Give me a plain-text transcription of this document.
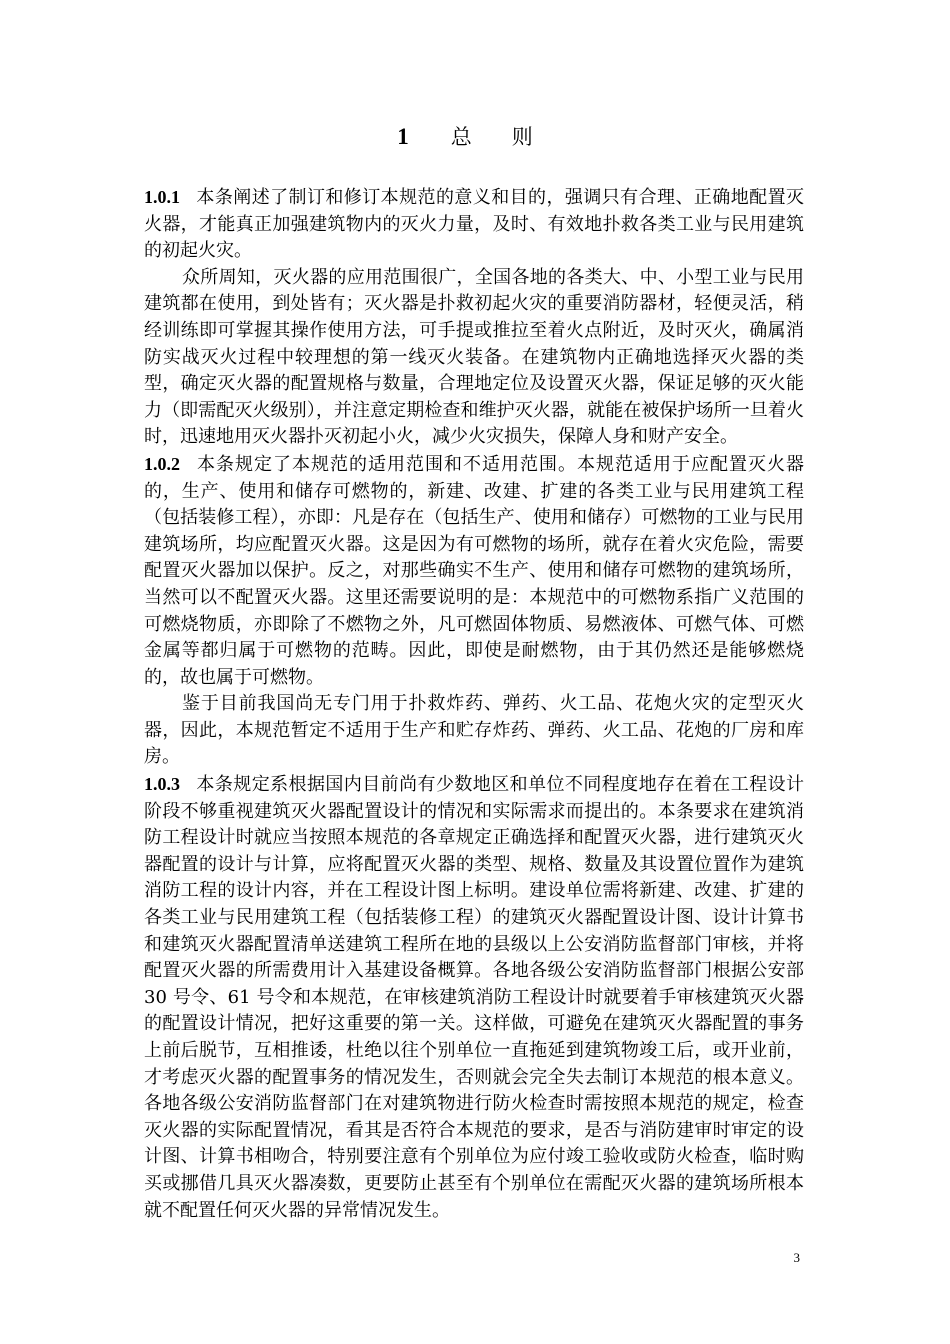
1 总 则

1.0.1 本条阐述了制订和修订本规范的意义和目的，强调只有合理、正确地配置灭火器，才能真正加强建筑物内的灭火力量，及时、有效地扑救各类工业与民用建筑的初起火灾。

众所周知，灭火器的应用范围很广，全国各地的各类大、中、小型工业与民用建筑都在使用，到处皆有；灭火器是扑救初起火灾的重要消防器材，轻便灵活，稍经训练即可掌握其操作使用方法，可手提或推拉至着火点附近，及时灭火，确属消防实战灭火过程中较理想的第一线灭火装备。在建筑物内正确地选择灭火器的类型，确定灭火器的配置规格与数量，合理地定位及设置灭火器，保证足够的灭火能力（即需配灭火级别），并注意定期检查和维护灭火器，就能在被保护场所一旦着火时，迅速地用灭火器扑灭初起小火，减少火灾损失，保障人身和财产安全。

1.0.2 本条规定了本规范的适用范围和不适用范围。本规范适用于应配置灭火器的，生产、使用和储存可燃物的，新建、改建、扩建的各类工业与民用建筑工程（包括装修工程），亦即：凡是存在（包括生产、使用和储存）可燃物的工业与民用建筑场所，均应配置灭火器。这是因为有可燃物的场所，就存在着火灾危险，需要配置灭火器加以保护。反之，对那些确实不生产、使用和储存可燃物的建筑场所，当然可以不配置灭火器。这里还需要说明的是：本规范中的可燃物系指广义范围的可燃烧物质，亦即除了不燃物之外，凡可燃固体物质、易燃液体、可燃气体、可燃金属等都归属于可燃物的范畴。因此，即使是耐燃物，由于其仍然还是能够燃烧的，故也属于可燃物。

鉴于目前我国尚无专门用于扑救炸药、弹药、火工品、花炮火灾的定型灭火器，因此，本规范暂定不适用于生产和贮存炸药、弹药、火工品、花炮的厂房和库房。

1.0.3 本条规定系根据国内目前尚有少数地区和单位不同程度地存在着在工程设计阶段不够重视建筑灭火器配置设计的情况和实际需求而提出的。本条要求在建筑消防工程设计时就应当按照本规范的各章规定正确选择和配置灭火器，进行建筑灭火器配置的设计与计算，应将配置灭火器的类型、规格、数量及其设置位置作为建筑消防工程的设计内容，并在工程设计图上标明。建设单位需将新建、改建、扩建的各类工业与民用建筑工程（包括装修工程）的建筑灭火器配置设计图、设计计算书和建筑灭火器配置清单送建筑工程所在地的县级以上公安消防监督部门审核，并将配置灭火器的所需费用计入基建设备概算。各地各级公安消防监督部门根据公安部 30 号令、61 号令和本规范，在审核建筑消防工程设计时就要着手审核建筑灭火器的配置设计情况，把好这重要的第一关。这样做，可避免在建筑灭火器配置的事务上前后脱节，互相推诿，杜绝以往个别单位一直拖延到建筑物竣工后，或开业前，才考虑灭火器的配置事务的情况发生，否则就会完全失去制订本规范的根本意义。各地各级公安消防监督部门在对建筑物进行防火检查时需按照本规范的规定，检查灭火器的实际配置情况，看其是否符合本规范的要求，是否与消防建审时审定的设计图、计算书相吻合，特别要注意有个别单位为应付竣工验收或防火检查，临时购买或挪借几具灭火器凑数，更要防止甚至有个别单位在需配灭火器的建筑场所根本就不配置任何灭火器的异常情况发生。

3
